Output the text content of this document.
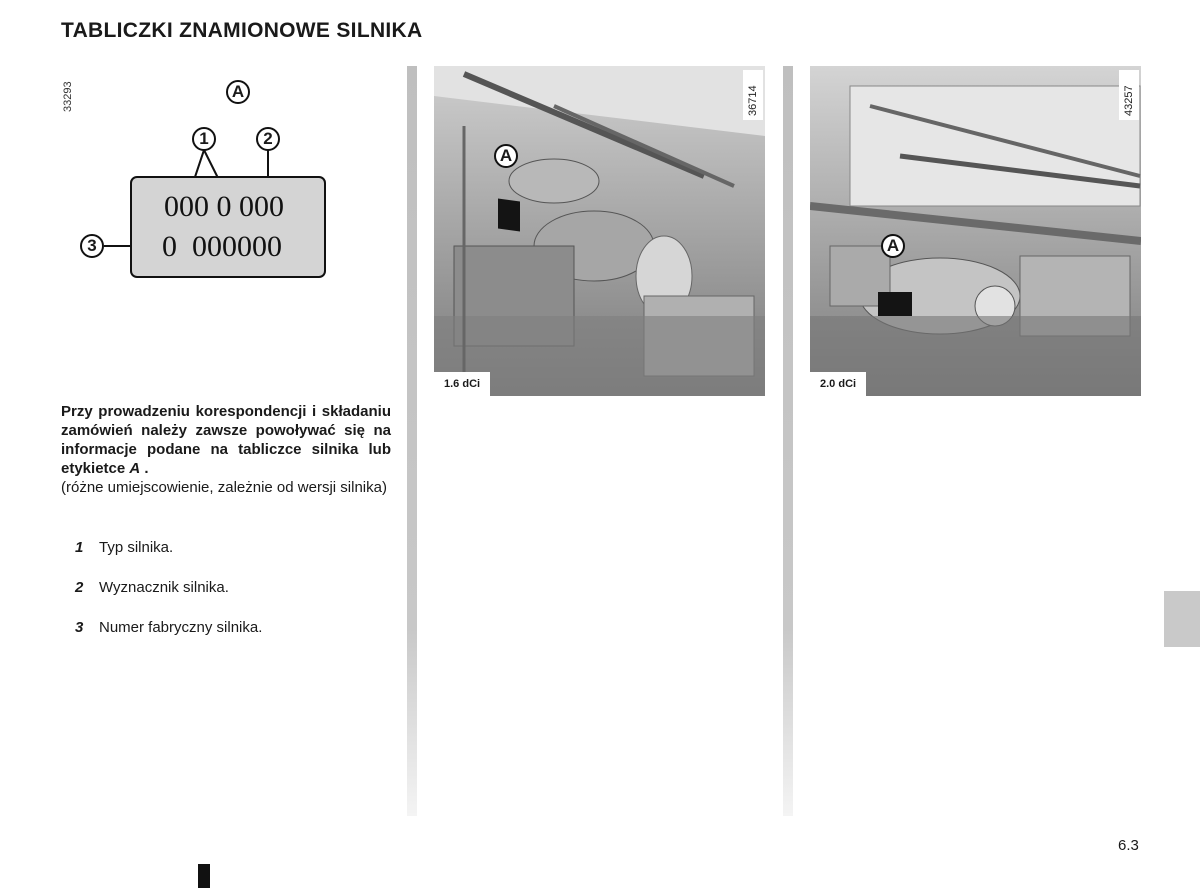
TABLICZKI ZNAMIONOWE SILNIKA
33293	A
1	2
3
000 0 000
0  000000
Przy prowadzeniu korespondencji i składaniu zamówień należy zawsze powoływać się na informacje podane na tabliczce silnika lub etykietce A .
(różne umiejscowienie, zależnie od wersji silnika)
1 Typ silnika.
2 Wyznacznik silnika.
3 Numer fabryczny silnika.
A
36714
1.6 dCi
A
43257
2.0 dCi
6.3
